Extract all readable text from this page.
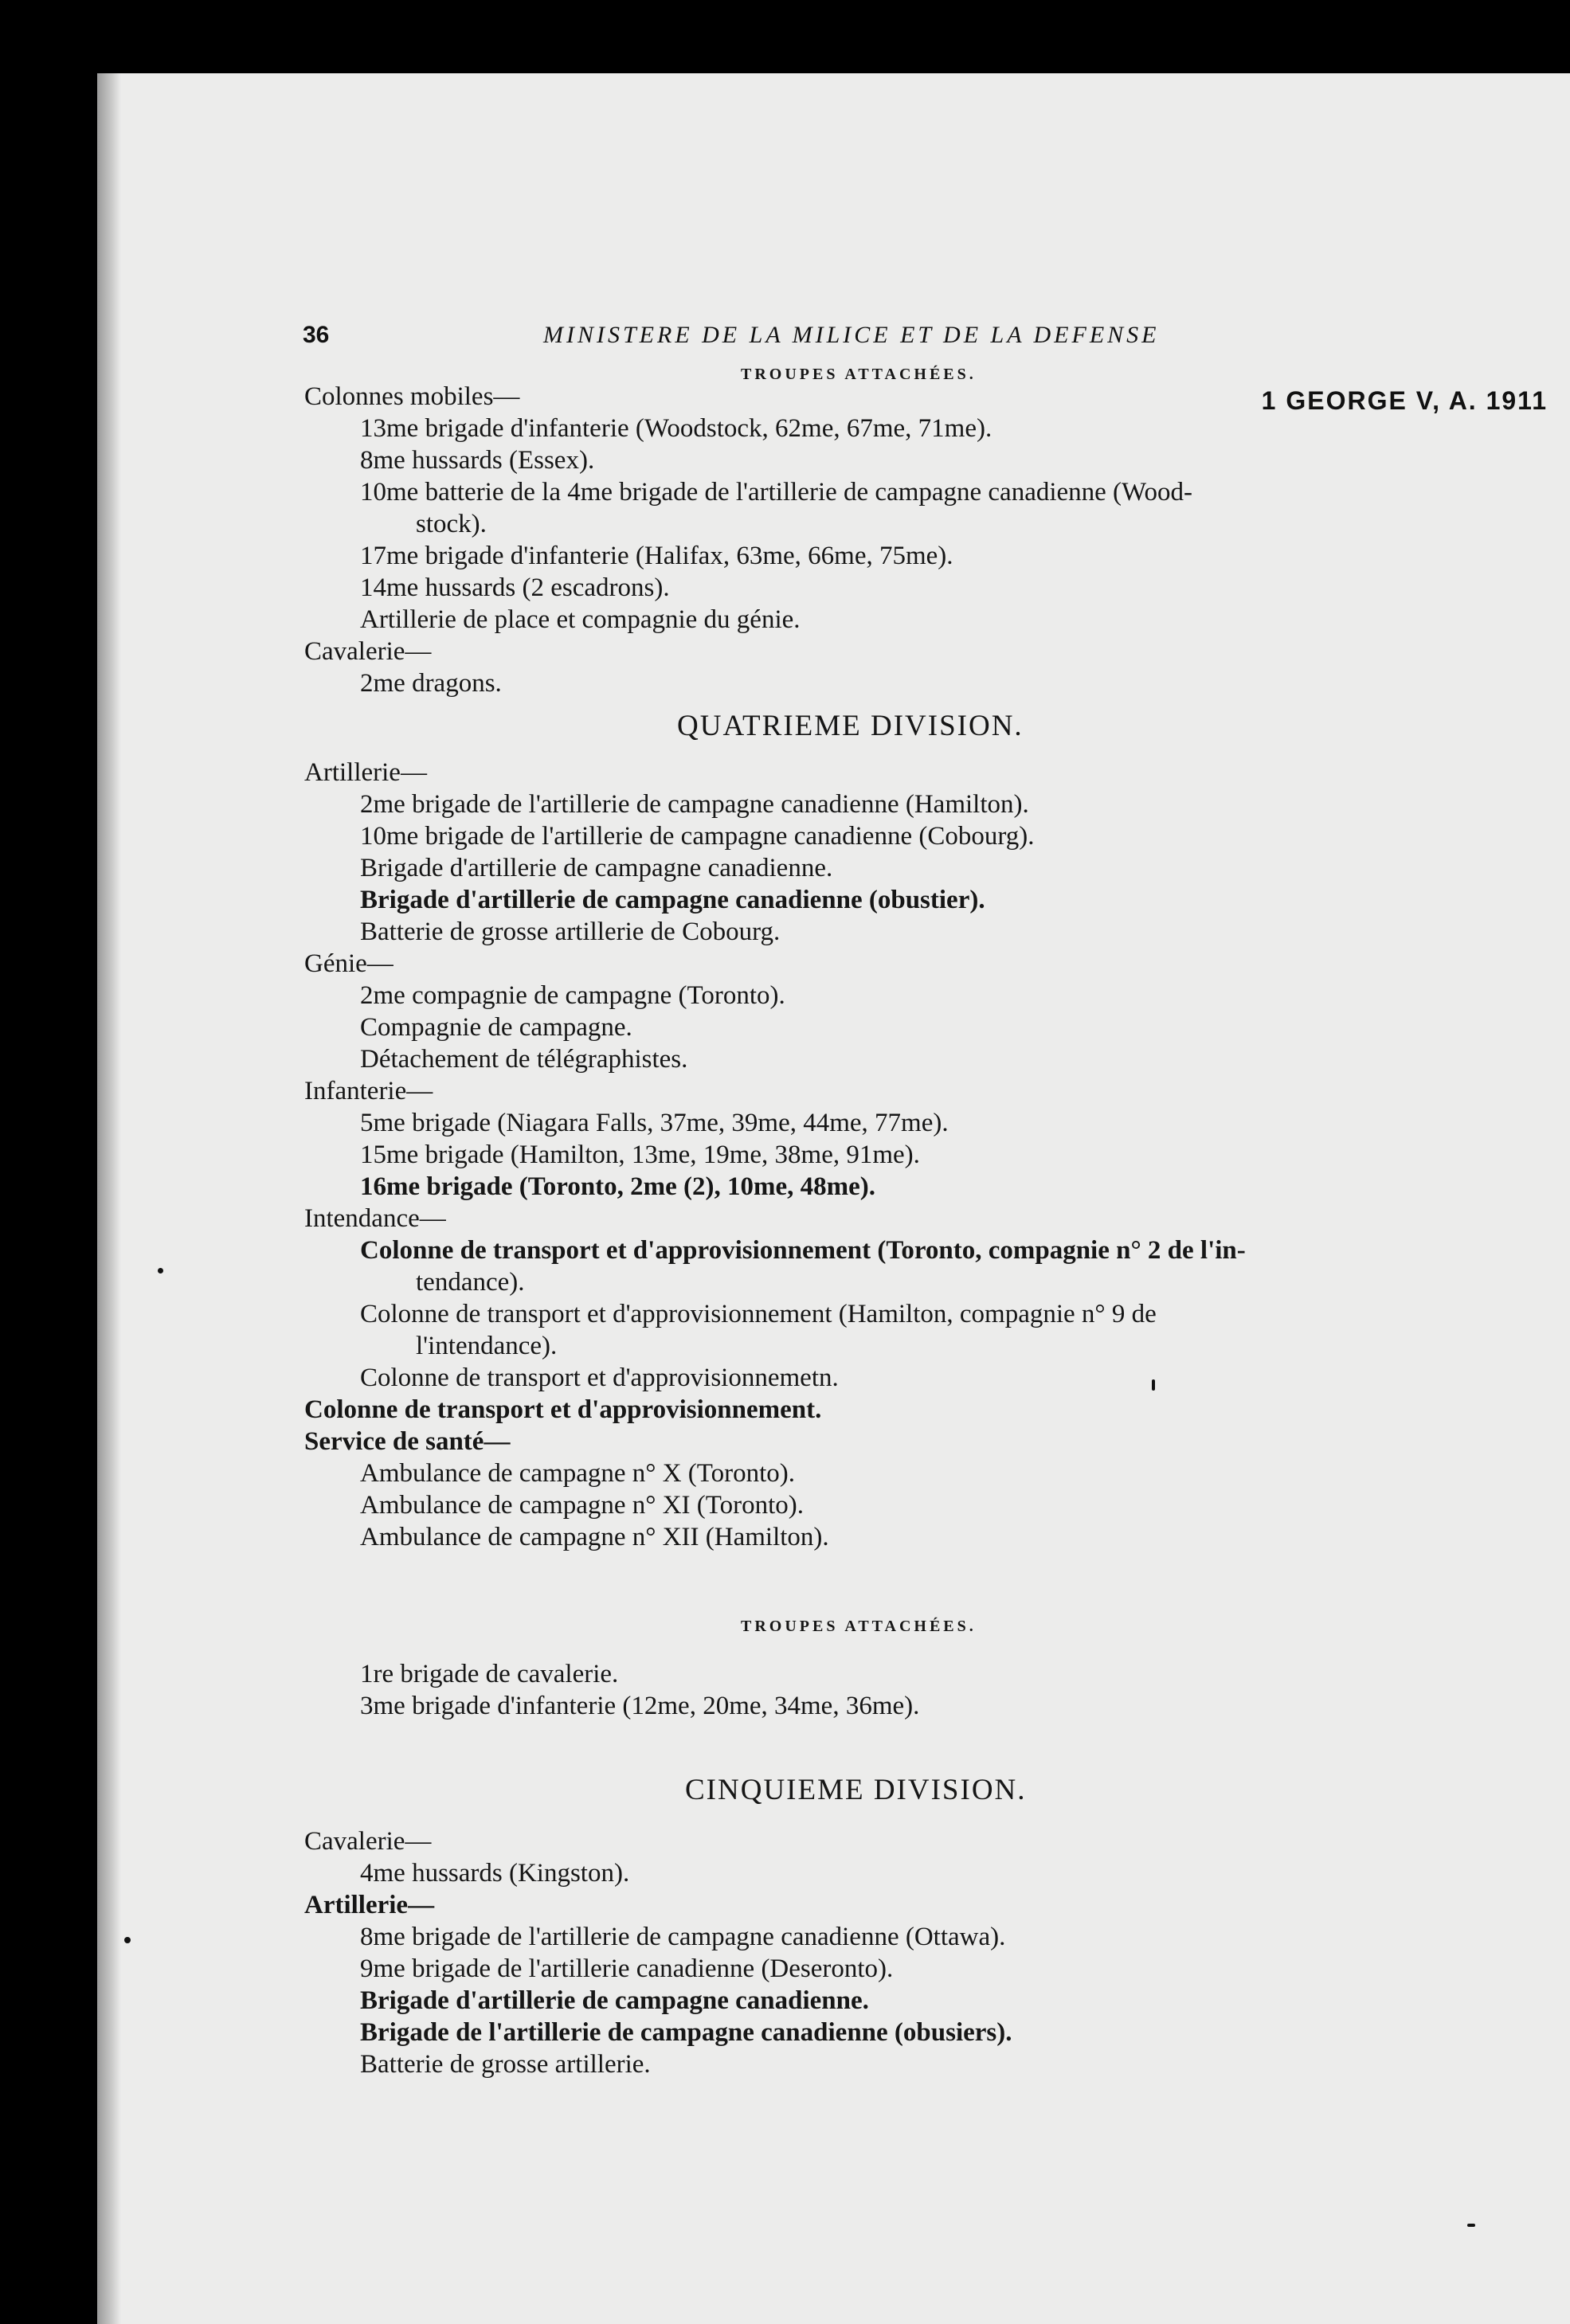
36	MINISTERE DE LA MILICE ET DE LA DEFENSE
1 GEORGE V, A. 1911
TROUPES ATTACHÉES.
Colonnes mobiles—
13me brigade d'infanterie (Woodstock, 62me, 67me, 71me).
8me hussards (Essex).
10me batterie de la 4me brigade de l'artillerie de campagne canadienne (Wood-
stock).
17me brigade d'infanterie (Halifax, 63me, 66me, 75me).
14me hussards (2 escadrons).
Artillerie de place et compagnie du génie.
Cavalerie—
2me dragons.
QUATRIEME DIVISION.
Artillerie—
2me brigade de l'artillerie de campagne canadienne (Hamilton).
10me brigade de l'artillerie de campagne canadienne (Cobourg).
Brigade d'artillerie de campagne canadienne.
Brigade d'artillerie de campagne canadienne (obustier).
Batterie de grosse artillerie de Cobourg.
Génie—
2me compagnie de campagne (Toronto).
Compagnie de campagne.
Détachement de télégraphistes.
Infanterie—
5me brigade (Niagara Falls, 37me, 39me, 44me, 77me).
15me brigade (Hamilton, 13me, 19me, 38me, 91me).
16me brigade (Toronto, 2me (2), 10me, 48me).
Intendance—
Colonne de transport et d'approvisionnement (Toronto, compagnie n° 2 de l'in-
tendance).
Colonne de transport et d'approvisionnement (Hamilton, compagnie n° 9 de
l'intendance).
Colonne de transport et d'approvisionnemetn.
Colonne de transport et d'approvisionnement.
Service de santé—
Ambulance de campagne n° X (Toronto).
Ambulance de campagne n° XI (Toronto).
Ambulance de campagne n° XII (Hamilton).
TROUPES ATTACHÉES.
1re brigade de cavalerie.
3me brigade d'infanterie (12me, 20me, 34me, 36me).
CINQUIEME DIVISION.
Cavalerie—
4me hussards (Kingston).
Artillerie—
8me brigade de l'artillerie de campagne canadienne (Ottawa).
9me brigade de l'artillerie canadienne (Deseronto).
Brigade d'artillerie de campagne canadienne.
Brigade de l'artillerie de campagne canadienne (obusiers).
Batterie de grosse artillerie.
